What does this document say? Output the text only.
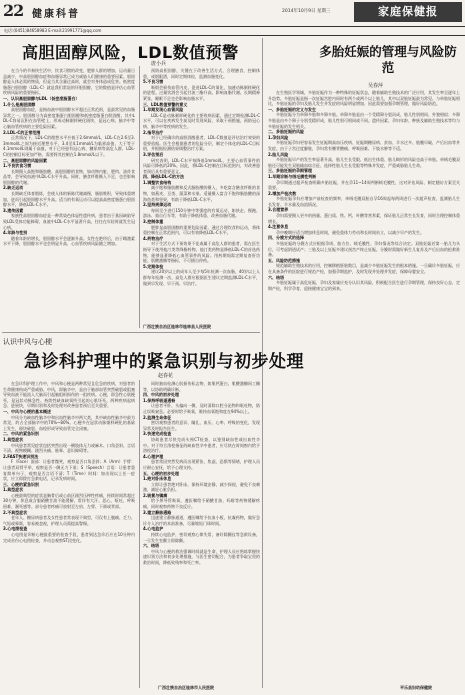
22 健康科普	2014年10月9日 星期三	家庭保健报
电话:(0451)84658983 E-mail:21991771@qq.com
高胆固醇风险，LDL数值预警
唐小兵

在当今的节奏快生活中，饮食习惯的改变，肥胖人群的增加，运动量日益减少，中高胆固醇血症和血脂异常已成为威胁人们健康的重要因素。胆固醇是人体必需的物质，但是当其含量过高时，就会对身体造成危害。低密度脂蛋白胆固醇（LDL-C）就是我们常说的坏胆固醇，它的数值是评估心血管疾病风险的重要指标。

一、认识高胆固醇与LDL（低密度脂蛋白）

1.什么是高胆固醇

高胆固醇血症，是指血液中胆固醇水平超过正常范围，是最常见的血脂异常之一。胆固醇分为高密度脂蛋白胆固醇和低密度脂蛋白胆固醇，其中LDL-C容易沉积在血管壁上，形成动脉粥样硬化斑块，是冠心病、脑卒中等心脑血管疾病的主要危险因素。

2.LDL-C的正常范围

正常情况下，LDL-C的理想水平应低于2.6mmol/L，LDL-C在2.6至3.3mmol/L之间为接近理想水平，3.4至4.1mmol/L为临界高值，大于等于4.1mmol/L则属于高值。对于已经患有冠心病、糖尿病等高危人群，LDL-C的控制目标更加严格，需要将其控制在1.8mmol/L以下。

二、高胆固醇的风险因素

1.不良饮食习惯

长期摄入高饱和脂肪酸、高胆固醇的食物，如动物内脏、肥肉、油炸食品等，会导致血液中LDL-C水平升高。同时，膳食纤维摄入不足，也会影响胆固醇的代谢。

2.缺乏运动

长期缺乏体育锻炼，会使人体的新陈代谢减慢，脂肪堆积，导致体重增加，进而引起胆固醇水平升高。适当的有氧运动可以提高高密度脂蛋白胆固醇水平，降低LDL-C水平。

3.遗传因素

家族性高胆固醇血症是一种常染色体显性遗传病，患者由于基因缺陷导致LDL受体功能障碍，血液中LDL-C水平显著升高，往往在年轻时就发生冠心病。

4.年龄与性别

随着年龄的增长，胆固醇水平会逐渐升高。女性在绝经后，由于雌激素水平下降，胆固醇水平也会明显升高，心血管疾病风险随之增加。

预防高胆固醇，关键在于改善生活方式，合理膳食，控制体重，戒烟限酒，同时定期体检，监测血脂变化。

5.不良习惯

吸烟会损伤血管内皮，促进LDL-C的氧化，加速动脉粥样硬化的进程。过量饮酒会引起甘油三酯升高，影响血脂代谢。长期精神紧张、睡眠不足也会影响血脂水平。

三、LDL数值预警的意义

1.早期发现心血管风险

LDL-C是动脉粥样硬化的主要致病因素，通过定期检测LDL-C水平，可以在疾病发生前及时发现风险，采取干预措施，预防冠心病、脑卒中等疾病的发生。

2.指导治疗

对于已经确诊的高胆固醇患者，LDL-C数值是评估治疗效果的重要依据。医生会根据患者的危险分层，制定个体化的LDL-C目标值，并根据检测结果调整治疗方案。

3.评估预后

研究表明，LDL-C水平每降低1mmol/L，主要心血管事件的风险可降低约20%。因此，将LDL-C控制在目标范围内，对改善患者预后具有重要意义。

四、降低LDL-C的方法

1.调整饮食结构

减少饱和脂肪酸和反式脂肪酸的摄入，多吃富含膳食纤维的食物，如燕麦、豆类、蔬菜和水果。适量摄入富含不饱和脂肪酸的深海鱼类和坚果，有助于降低LDL-C水平。

2.坚持规律运动

每周至少进行150分钟中等强度的有氧运动，如快走、慢跑、游泳、骑自行车等，有助于降低体重、改善血脂代谢。

3.控制体重

肥胖是高胆固醇的重要危险因素，通过合理饮食和运动，将体重控制在正常范围内，可以有效降低LDL-C水平。

4.药物治疗

对于生活方式干预效果不佳或属于高危人群的患者，需在医生指导下使用他汀类等降脂药物。他汀类药物是降低LDL-C的首选药物，能够显著降低心血管事件的风险。用药期间需定期复查肝功能、肌酸激酶等指标，不可擅自停药。

5.定期体检

建议20岁以上的成年人至少每5年检测一次血脂，40岁以上人群每年检测一次，高危人群应根据医生建议定期监测LDL-C水平，做到早发现、早干预、早治疗。

广西壮族自治区桂林市桂林县人民医院
认识中风与心梗
急诊科护理中的紧急识别与初步处理
赵春花

在急诊科护理工作中，中风和心梗是两种常见且危急的疾病，对患者的生命健康构成严重威胁。中风，即脑卒中，是由于脑部血管突然破裂或阻塞导致血液不能流入大脑而引起脑组织损伤的一组疾病。心梗，即急性心肌梗死，是冠状动脉急性、持续性缺血缺氧所引起的心肌坏死。两种疾病起病急、进展快，早期识别和及时处理对改善患者预后至关重要。

一、中风与心梗的基本概述

中风分为缺血性脑卒中和出血性脑卒中两大类，其中缺血性脑卒中最为常见，约占全部脑卒中的70%~80%。心梗多在冠状动脉粥样硬化的基础上发生，斑块破裂、血栓形成导致血管完全闭塞。

二、中风的紧急识别

1.典型症状

中风患者常见症状包括突然出现一侧肢体无力或麻木、口角歪斜、言语不清、视物模糊、剧烈头痛、眩晕、意识障碍等。

2.FAST快速识别法

F（Face）面部：让患者微笑，观察是否口角歪斜；A（Arm）手臂：让患者双臂平举，观察是否一侧无力下垂；S（Speech）言语：让患者重复简单句子，观察是否言语不清；T（Time）时间：如出现以上任一症状，应立即拨打急救电话，记录发病时间。

三、心梗的紧急识别

1.典型症状

心梗最典型的症状是胸骨后或心前区剧烈压榨性疼痛，持续时间常超过30分钟，休息或含服硝酸甘油不能缓解，常伴有大汗、恶心、呕吐、呼吸困难、濒死感等。部分患者疼痛可放射至左肩、左臂、下颌或背部。

2.不典型症状

老年人、糖尿病患者及女性患者常表现不典型，可仅有上腹痛、乏力、气短或晕厥，容易被忽视，护理人员需提高警惕。

3.心电图检查

心电图是诊断心梗最重要的检查手段，患者到达急诊后应在10分钟内完成首份心电图检查，并动态观察ST段变化。

同时抽血检测心肌损伤标志物，如肌钙蛋白、肌酸激酶同工酶等，以协助明确诊断。

四、中风的初步处理

1.保持呼吸道通畅

让患者平卧，头偏向一侧，及时清除口腔分泌物和呕吐物，防止误吸窒息。必要时给予吸氧，维持血氧饱和度在94%以上。

2.监测生命体征

密切观察患者的意识、瞳孔、血压、心率、呼吸的变化，发现异常及时报告医生。

3.快速完成检查

协助患者尽快完成头颅CT检查，以鉴别缺血性或出血性卒中。对于符合溶栓指征的缺血性卒中患者，应尽快在时间窗内给予溶栓治疗。

4.心理护理

患者常因突然发病而出现紧张、焦虑、恐惧等情绪，护理人员应耐心安抚，给予心理支持。

五、心梗的初步处理

1.绝对卧床休息

立即让患者绝对卧床，保持环境安静，减少探视，避免不良刺激，减轻心脏负担。

2.吸氧与镇痛

给予鼻导管吸氧，遵医嘱给予硝酸甘油、吗啡等药物缓解疼痛，同时观察药物不良反应。

3.建立静脉通路

迅速建立静脉通道，遵医嘱给予抗血小板、抗凝药物，做好急诊介入治疗的术前准备，尽量缩短门球时间。

4.心电监护

持续心电监护，密切观察心律失常，备好除颤仪等急救设备，一旦发生室颤立即除颤。

六、结语

中风与心梗的救治强调时间就是生命，护理人员应熟练掌握快速识别方法和初步处理措施，与医生密切配合，为患者争取宝贵的救治时间，降低致残率和死亡率。

广西壮族自治区桂林市人民医院
多胎妊娠的管理与风险防范
吴春萍

在生殖医学领域，多胎妊娠作为一种特殊的妊娠状态，随着辅助生殖技术的广泛应用，其发生率呈逐年上升趋势。多胎妊娠是指一次妊娠宫腔内同时有两个或两个以上胎儿，其中以双胎妊娠最为常见。与单胎妊娠相比，多胎妊娠的孕妇及胎儿发生并发症的风险明显增加，因此需要加强孕期管理，做好风险防范。

一、多胎妊娠的定义与发生

多胎妊娠分为单卵多胎和多卵多胎。单卵多胎是由一个受精卵分裂而成，胎儿性别相同、外貌相似；多卵多胎是由多个卵子分别受精形成，胎儿性别可相同或不同。遗传因素、孕妇年龄、种族及辅助生殖技术等均与多胎妊娠的发生相关。

二、多胎妊娠的风险

1.孕妇风险

多胎妊娠孕妇更容易发生妊娠期高血压疾病、妊娠期糖尿病、贫血、羊水过多、胎膜早破、产后出血等并发症。由于子宫过度膨胀，孕妇常有腰背酸痛、呼吸困难、下肢水肿等不适。

2.胎儿风险

多胎妊娠早产的发生率显著升高，胎儿生长受限、低出生体重、胎儿畸形的风险也高于单胎。单绒毛膜双胎还可能发生双胎输血综合征、选择性胎儿生长受限等特殊并发症，严重威胁胎儿生命。

三、多胎妊娠的孕期管理

1.早期诊断与绒毛膜性判断

孕早期通过超声检查明确多胎妊娠，并在孕11~14周判断绒毛膜性，这对评估风险、制定随访方案至关重要。

2.增加产检次数

多胎妊娠孕妇应增加产前检查的频率，单绒毛膜双胎自孕16周起每两周进行一次超声检查，监测胎儿生长发育、羊水量及血流情况。

3.合理营养

孕妇需要摄入更多的热量、蛋白质、铁、钙、叶酸等营养素，保证胎儿正常生长发育，同时合理控制体重增长。

4.注意休息

孕中晚期应适当增加休息时间，避免重体力劳动和长时间站立，以减少早产的发生。

四、分娩方式的选择

多胎妊娠的分娩方式应根据孕周、胎方位、绒毛膜性、孕妇情况等综合决定。双胎妊娠若第一胎儿为头位，可考虑阴道试产；三胎及以上妊娠多建议剖宫产终止妊娠。分娩时需做好新生儿复苏及产后出血的抢救准备。

五、风险防范措施

规范辅助生殖技术的应用，控制移植胚胎数目，是减少多胎妊娠发生的根本措施。一旦确诊多胎妊娠，应在具备条件的医院进行规范产检，加强孕期监护，及时发现并处理并发症，保障母婴安全。

六、结语

多胎妊娠属于高危妊娠，孕妇及家属应充分认识其风险，积极配合医生进行孕期管理，保持良好心态，定期产检，科学孕育，迎接健康宝宝的到来。

平乐县妇幼保健院
